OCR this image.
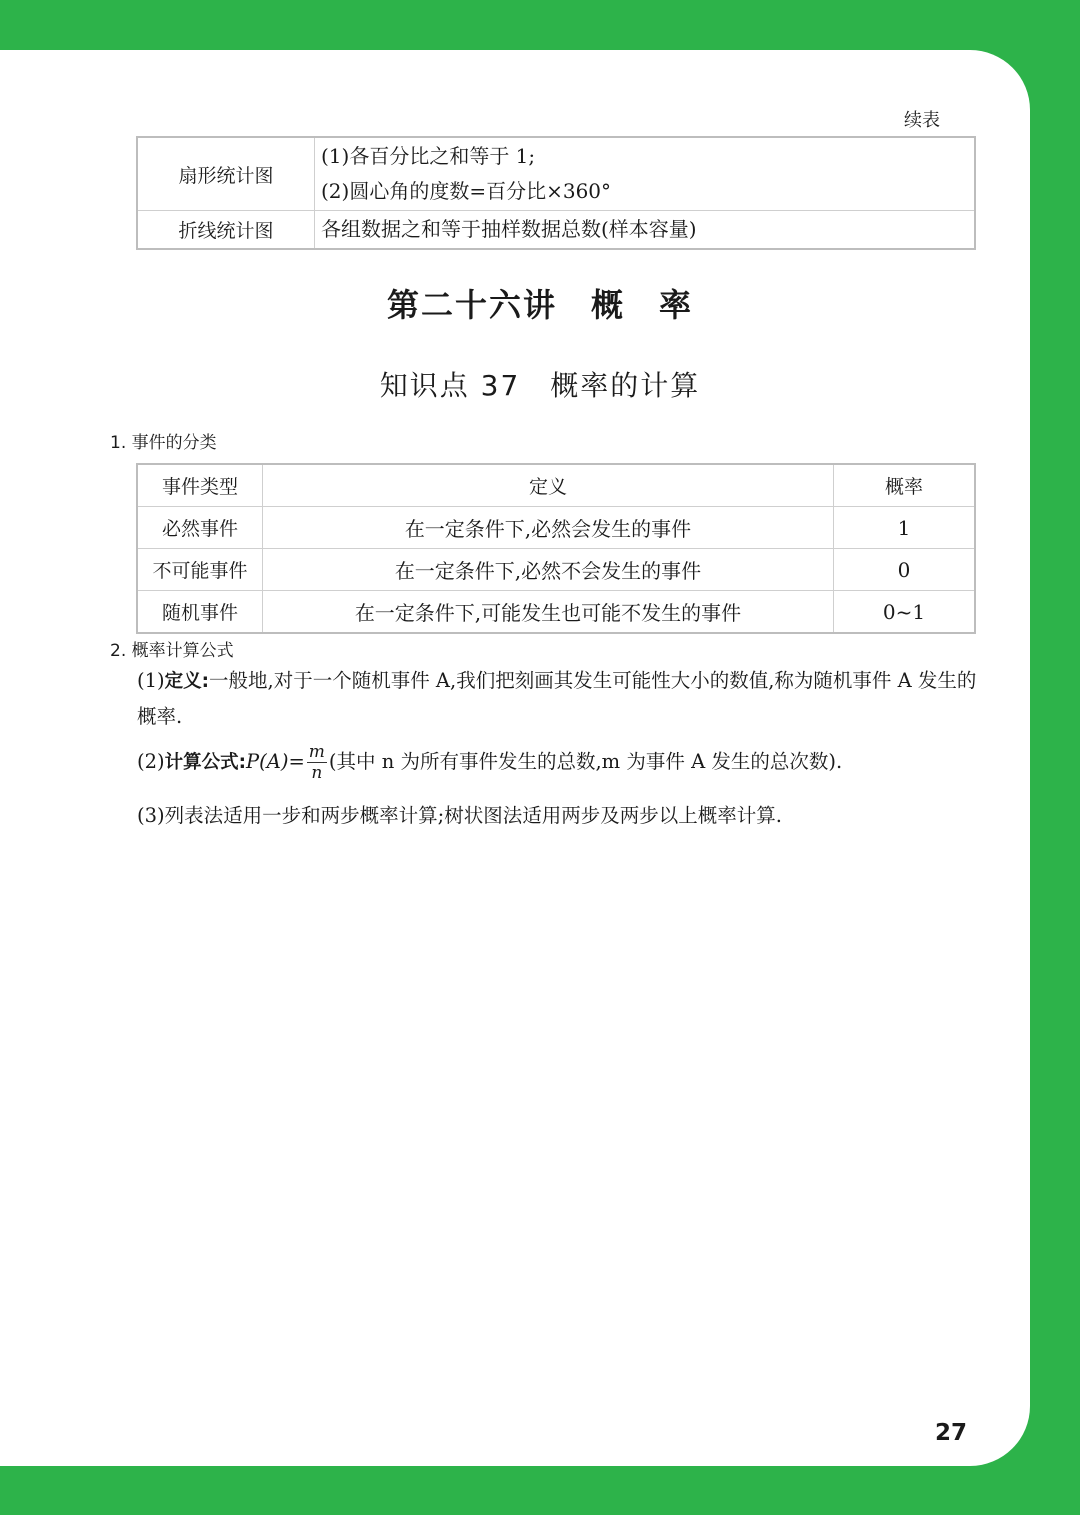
续表
扇形统计图	(1)各百分比之和等于 1;
(2)圆心角的度数=百分比×360°

折线统计图	各组数据之和等于抽样数据总数(样本容量)
第二十六讲　概　率
知识点 37　概率的计算
1. 事件的分类
事件类型	定义	概率
必然事件	在一定条件下,必然会发生的事件	1
不可能事件	在一定条件下,必然不会发生的事件	0
随机事件	在一定条件下,可能发生也可能不发生的事件	0~1
2. 概率计算公式
(1)定义:一般地,对于一个随机事件 A,我们把刻画其发生可能性大小的数值,称为随机事件 A 发生的概率.
(2)计算公式:P(A)= $\frac{m}{n}$ (其中 n 为所有事件发生的总数,m 为事件 A 发生的总次数).
(3)列表法适用一步和两步概率计算;树状图法适用两步及两步以上概率计算.
27
